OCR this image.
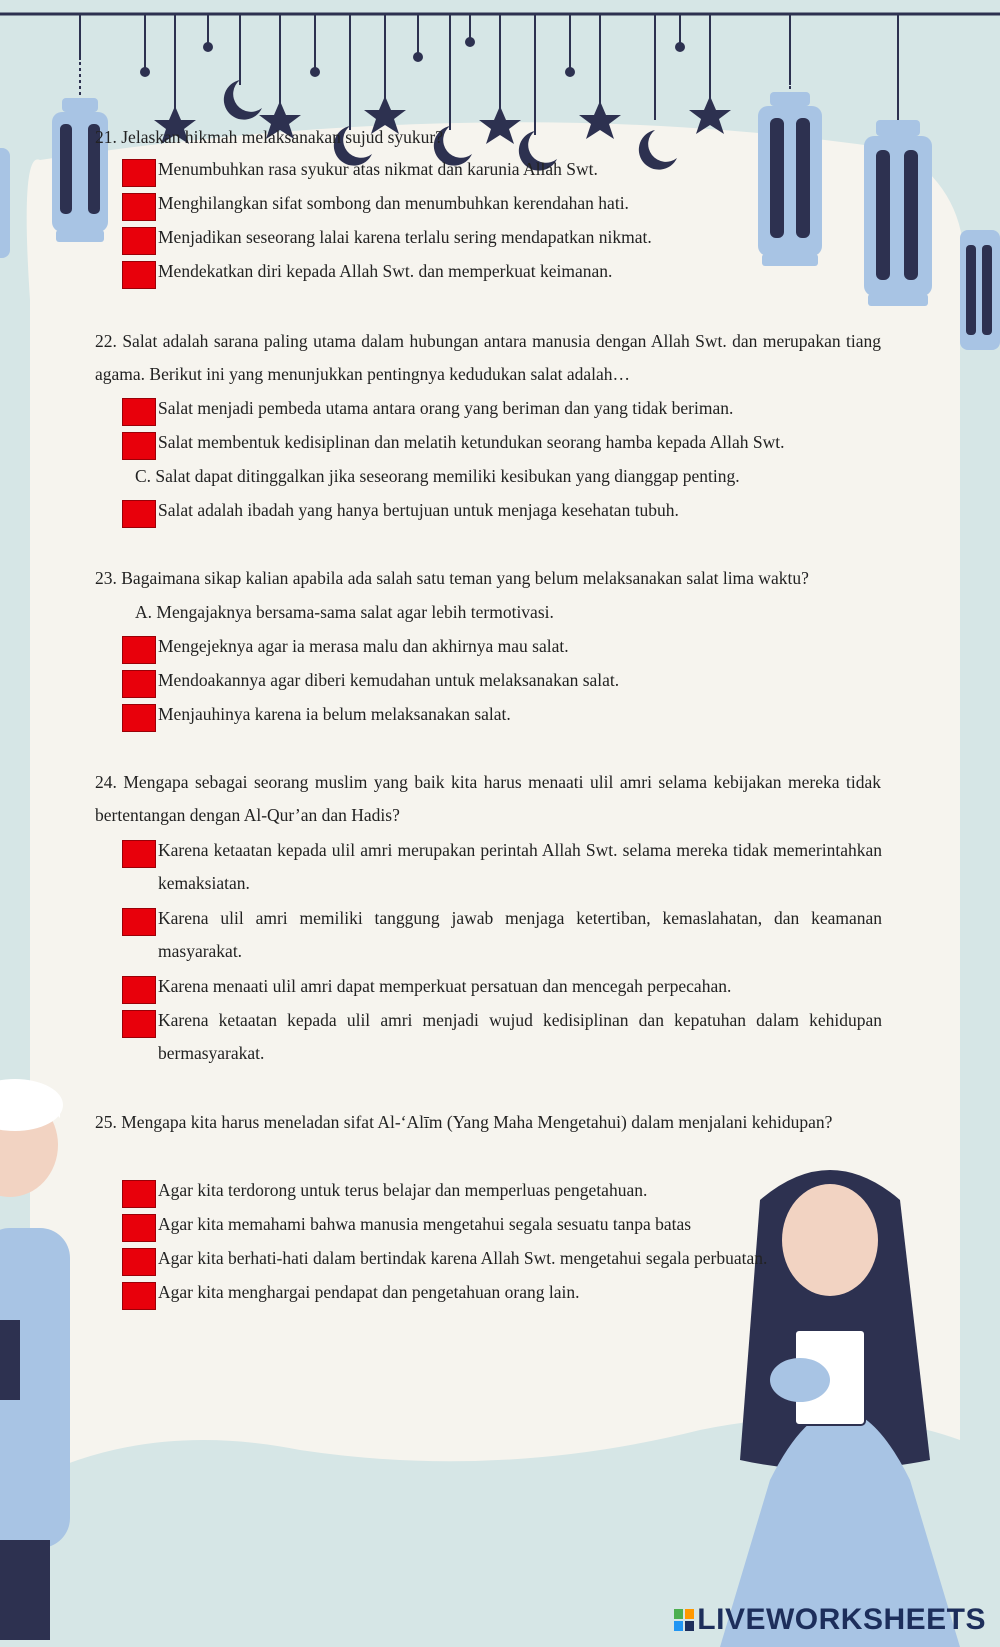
21. Jelaskan hikmah melaksanakan sujud syukur?
Menumbuhkan rasa syukur atas nikmat dan karunia Allah Swt.
Menghilangkan sifat sombong dan menumbuhkan kerendahan hati.
Menjadikan seseorang lalai karena terlalu sering mendapatkan nikmat.
Mendekatkan diri kepada Allah Swt. dan memperkuat keimanan.
22. Salat adalah sarana paling utama dalam hubungan antara manusia dengan Allah Swt. dan merupakan tiang agama. Berikut ini yang menunjukkan pentingnya kedudukan salat adalah…
Salat menjadi pembeda utama antara orang yang beriman dan yang tidak beriman.
Salat membentuk kedisiplinan dan melatih ketundukan seorang hamba kepada Allah Swt.
C. Salat dapat ditinggalkan jika seseorang memiliki kesibukan yang dianggap penting.
Salat adalah ibadah yang hanya bertujuan untuk menjaga kesehatan tubuh.
23. Bagaimana sikap kalian apabila ada salah satu teman yang belum melaksanakan salat lima waktu?
A. Mengajaknya bersama-sama salat agar lebih termotivasi.
Mengejeknya agar ia merasa malu dan akhirnya mau salat.
Mendoakannya agar diberi kemudahan untuk melaksanakan salat.
Menjauhinya karena ia belum melaksanakan salat.
24. Mengapa sebagai seorang muslim yang baik kita harus menaati ulil amri selama kebijakan mereka tidak bertentangan dengan Al-Qur’an dan Hadis?
Karena ketaatan kepada ulil amri merupakan perintah Allah Swt. selama mereka tidak memerintahkan kemaksiatan.
Karena ulil amri memiliki tanggung jawab menjaga ketertiban, kemaslahatan, dan keamanan masyarakat.
Karena menaati ulil amri dapat memperkuat persatuan dan mencegah perpecahan.
Karena ketaatan kepada ulil amri menjadi wujud kedisiplinan dan kepatuhan dalam kehidupan bermasyarakat.
25. Mengapa kita harus meneladan sifat Al-‘Alīm (Yang Maha Mengetahui) dalam menjalani kehidupan?
Agar kita terdorong untuk terus belajar dan memperluas pengetahuan.
Agar kita memahami bahwa manusia mengetahui segala sesuatu tanpa batas
Agar kita berhati-hati dalam bertindak karena Allah Swt. mengetahui segala perbuatan.
Agar kita menghargai pendapat dan pengetahuan orang lain.
LIVEWORKSHEETS
